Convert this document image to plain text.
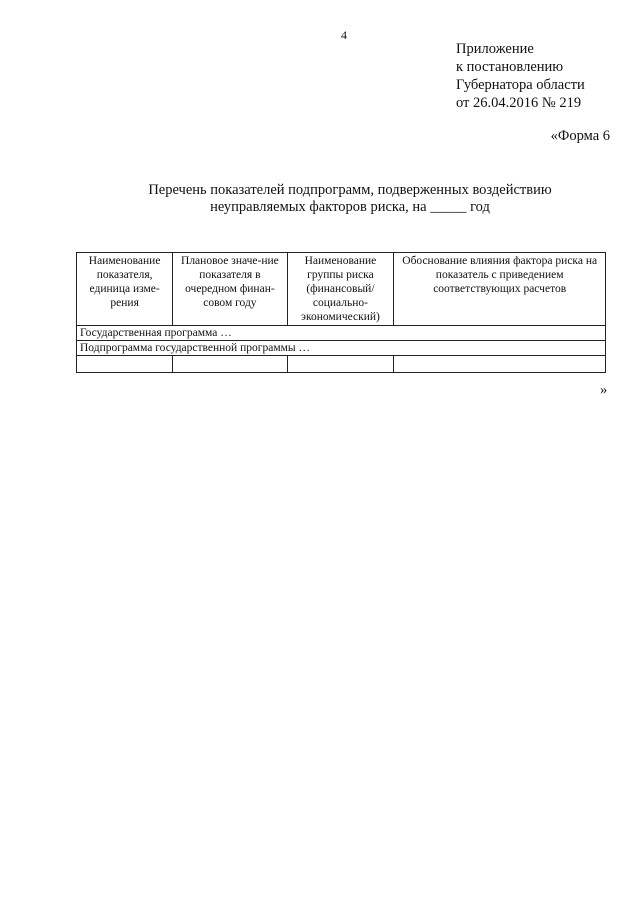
4
Приложение
к постановлению
Губернатора области
от 26.04.2016 № 219
«Форма 6
Перечень показателей подпрограмм, подверженных воздействию
неуправляемых факторов риска, на _____ год
Наименование показателя, единица изме-рения	Плановое значе-ние показателя в очередном финан-совом году	Наименование группы риска (финансовый/ социально-экономический)	Обоснование влияния фактора риска на показатель с приведением соответствующих расчетов
Государственная программа …			
Подпрограмма государственной программы …			

»
